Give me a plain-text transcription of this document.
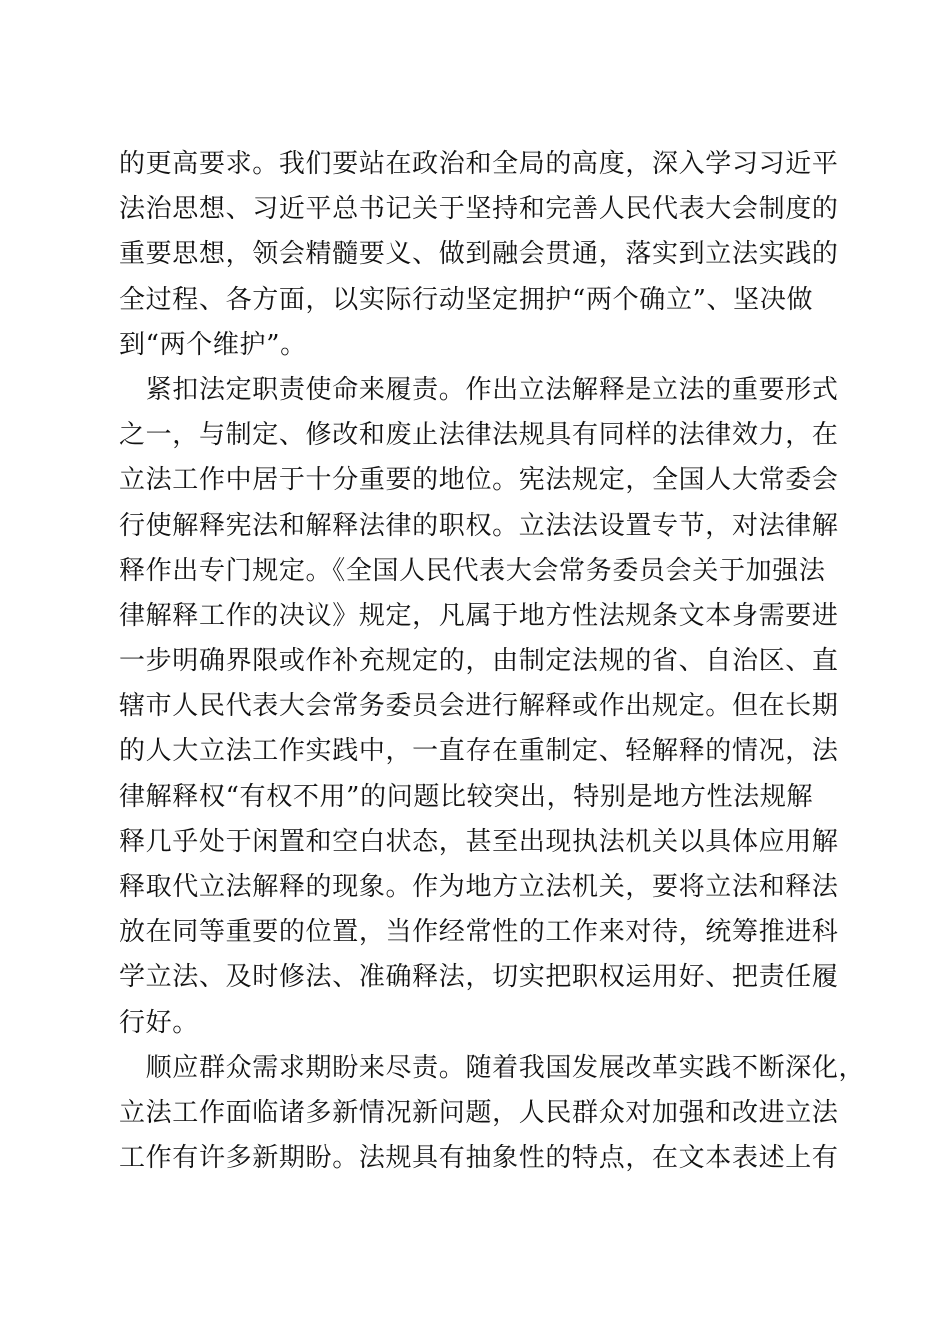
的更高要求。我们要站在政治和全局的高度，深入学习习近平
法治思想、习近平总书记关于坚持和完善人民代表大会制度的
重要思想，领会精髓要义、做到融会贯通，落实到立法实践的
全过程、各方面，以实际行动坚定拥护“两个确立”、坚决做
到“两个维护”。
　紧扣法定职责使命来履责。作出立法解释是立法的重要形式
之一，与制定、修改和废止法律法规具有同样的法律效力，在
立法工作中居于十分重要的地位。宪法规定，全国人大常委会
行使解释宪法和解释法律的职权。立法法设置专节，对法律解
释作出专门规定。《全国人民代表大会常务委员会关于加强法
律解释工作的决议》规定，凡属于地方性法规条文本身需要进
一步明确界限或作补充规定的，由制定法规的省、自治区、直
辖市人民代表大会常务委员会进行解释或作出规定。但在长期
的人大立法工作实践中，一直存在重制定、轻解释的情况，法
律解释权“有权不用”的问题比较突出，特别是地方性法规解
释几乎处于闲置和空白状态，甚至出现执法机关以具体应用解
释取代立法解释的现象。作为地方立法机关，要将立法和释法
放在同等重要的位置，当作经常性的工作来对待，统筹推进科
学立法、及时修法、准确释法，切实把职权运用好、把责任履
行好。
　顺应群众需求期盼来尽责。随着我国发展改革实践不断深化，
立法工作面临诸多新情况新问题，人民群众对加强和改进立法
工作有许多新期盼。法规具有抽象性的特点，在文本表述上有
